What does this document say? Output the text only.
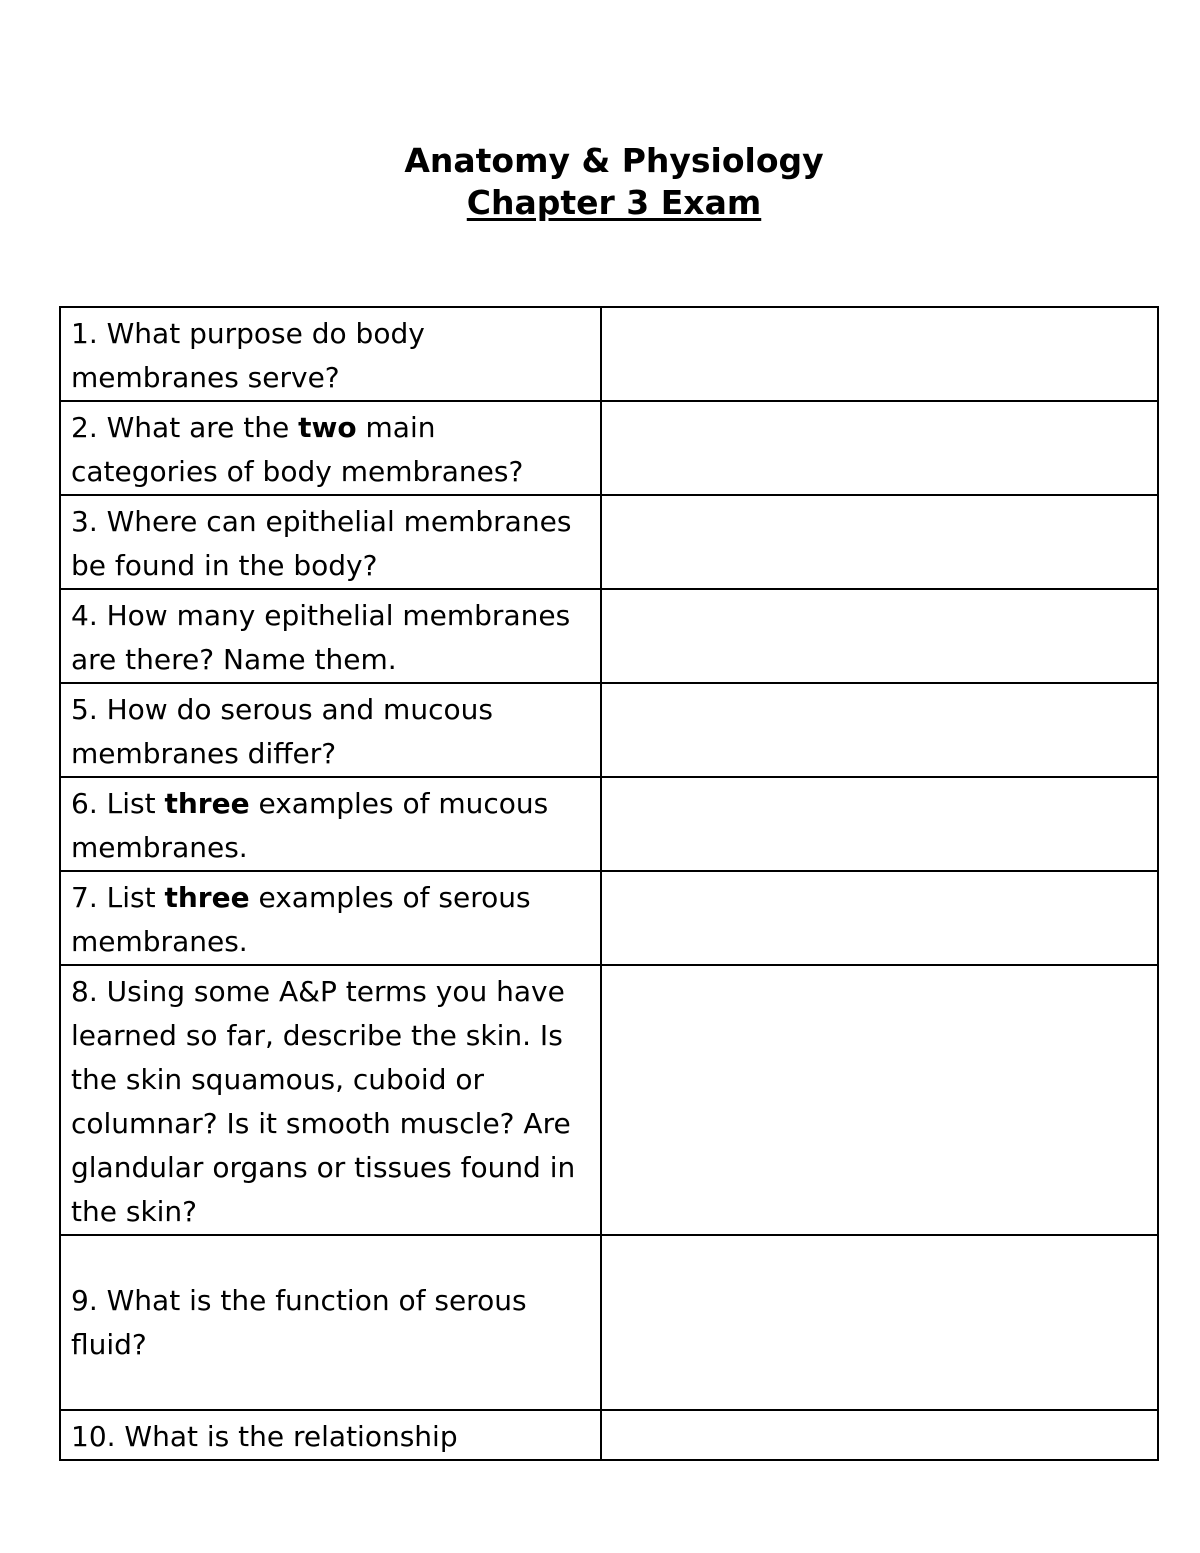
Anatomy & Physiology
Chapter 3 Exam
1. What purpose do body membranes serve?	
2. What are the two main categories of body membranes?	
3. Where can epithelial membranes be found in the body?	
4. How many epithelial membranes are there? Name them.	
5. How do serous and mucous membranes differ?	
6. List three examples of mucous membranes.	
7. List three examples of serous membranes.	
8. Using some A&P terms you have learned so far, describe the skin. Is the skin squamous, cuboid or columnar? Is it smooth muscle? Are glandular organs or tissues found in the skin?	
9. What is the function of serous fluid?	
10. What is the relationship	
